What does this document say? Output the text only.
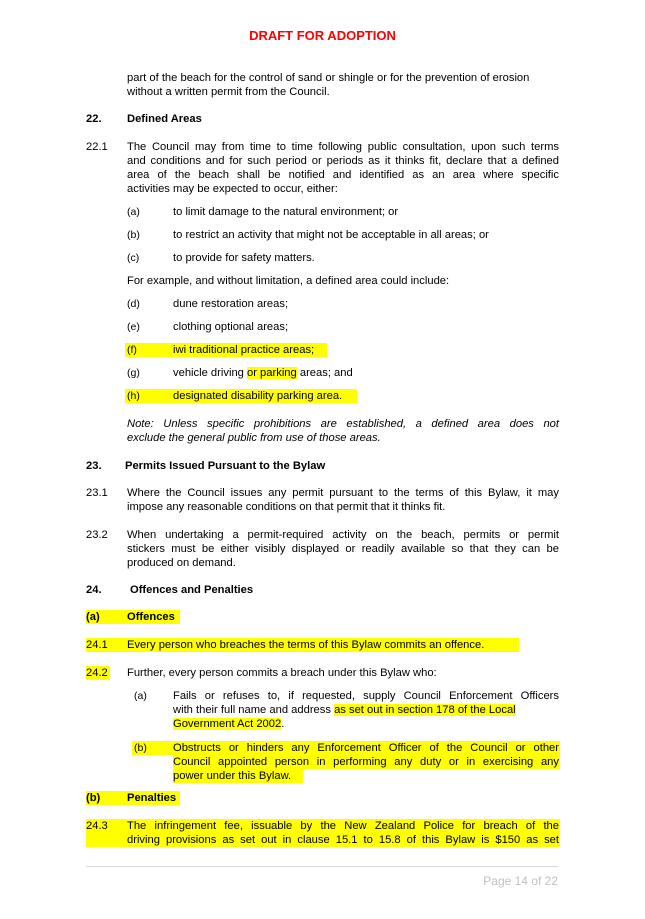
DRAFT FOR ADOPTION
part of the beach for the control of sand or shingle or for the prevention of erosion
without a written permit from the Council.
22. Defined Areas
22.1 The Council may from time to time following public consultation, upon such terms
and conditions and for such period or periods as it thinks fit, declare that a defined
area of the beach shall be notified and identified as an area where specific
activities may be expected to occur, either:
(a)	to limit damage to the natural environment; or
(b)	to restrict an activity that might not be acceptable in all areas; or
(c)	to provide for safety matters.
For example, and without limitation, a defined area could include:
(d)	dune restoration areas;
(e)	clothing optional areas;
(f)	iwi traditional practice areas;
(g)	vehicle driving or parking areas; and
(h)	designated disability parking area.
Note: Unless specific prohibitions are established, a defined area does not
exclude the general public from use of those areas.
23. Permits Issued Pursuant to the Bylaw
23.1 Where the Council issues any permit pursuant to the terms of this Bylaw, it may
impose any reasonable conditions on that permit that it thinks fit.
23.2 When undertaking a permit-required activity on the beach, permits or permit
stickers must be either visibly displayed or readily available so that they can be
produced on demand.
24.	Offences and Penalties
(a) Offences
24.1 Every person who breaches the terms of this Bylaw commits an offence.
24.2 Further, every person commits a breach under this Bylaw who:
(a) Fails or refuses to, if requested, supply Council Enforcement Officers
with their full name and address as set out in section 178 of the Local
Government Act 2002.
(b) Obstructs or hinders any Enforcement Officer of the Council or other
Council appointed person in performing any duty or in exercising any
power under this Bylaw.
(b) Penalties
24.3 The infringement fee, issuable by the New Zealand Police for breach of the
driving provisions as set out in clause 15.1 to 15.8 of this Bylaw is $150 as set
Page 14 of 22
